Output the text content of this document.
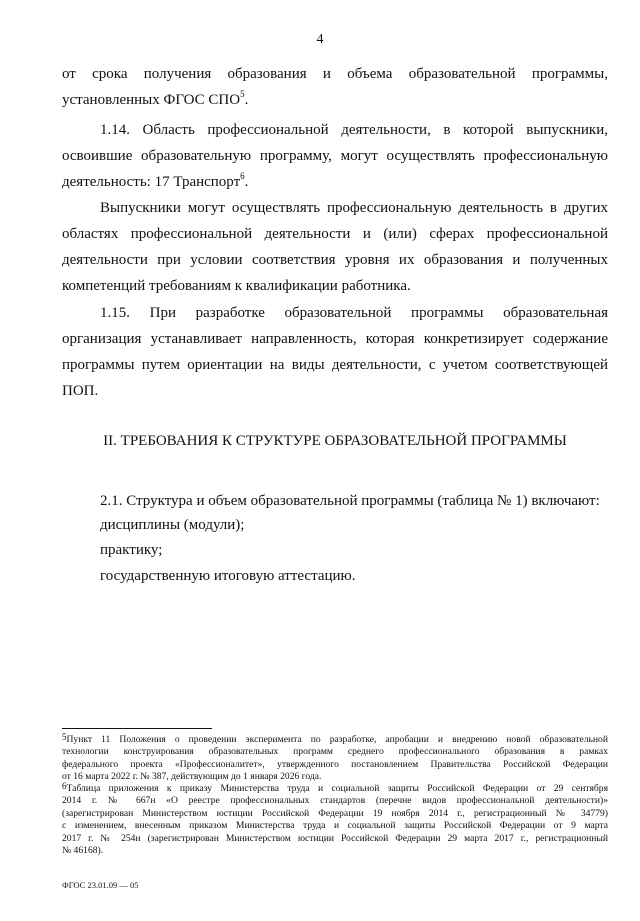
4
от срока получения образования и объема образовательной программы,
установленных ФГОС СПО$^5$.
1.14. Область профессиональной деятельности, в которой выпускники,
освоившие образовательную программу, могут осуществлять профессиональную
деятельность: 17 Транспорт$^6$.
Выпускники могут осуществлять профессиональную деятельность в других
областях профессиональной деятельности и (или) сферах профессиональной
деятельности при условии соответствия уровня их образования и полученных
компетенций требованиям к квалификации работника.
1.15. При разработке образовательной программы образовательная
организация устанавливает направленность, которая конкретизирует содержание
программы путем ориентации на виды деятельности, с учетом соответствующей
ПОП.
II. ТРЕБОВАНИЯ К СТРУКТУРЕ ОБРАЗОВАТЕЛЬНОЙ ПРОГРАММЫ
2.1. Структура и объем образовательной программы (таблица № 1) включают:
дисциплины (модули);
практику;
государственную итоговую аттестацию.
$^5$Пункт 11 Положения о проведении эксперимента по разработке, апробации и внедрению новой образовательной
технологии конструирования образовательных программ среднего профессионального образования в рамках
федерального проекта «Профессионалитет», утвержденного постановлением Правительства Российской Федерации
от 16 марта 2022 г. № 387, действующим до 1 января 2026 года.
$^6$Таблица приложения к приказу Министерства труда и социальной защиты Российской Федерации от 29 сентября
2014 г. № 667н «О реестре профессиональных стандартов (перечне видов профессиональной деятельности)»
(зарегистрирован Министерством юстиции Российской Федерации 19 ноября 2014 г., регистрационный № 34779)
с изменением, внесенным приказом Министерства труда и социальной защиты Российской Федерации от 9 марта
2017 г. № 254н (зарегистрирован Министерством юстиции Российской Федерации 29 марта 2017 г., регистрационный
№ 46168).
ФГОС 23.01.09 — 05
